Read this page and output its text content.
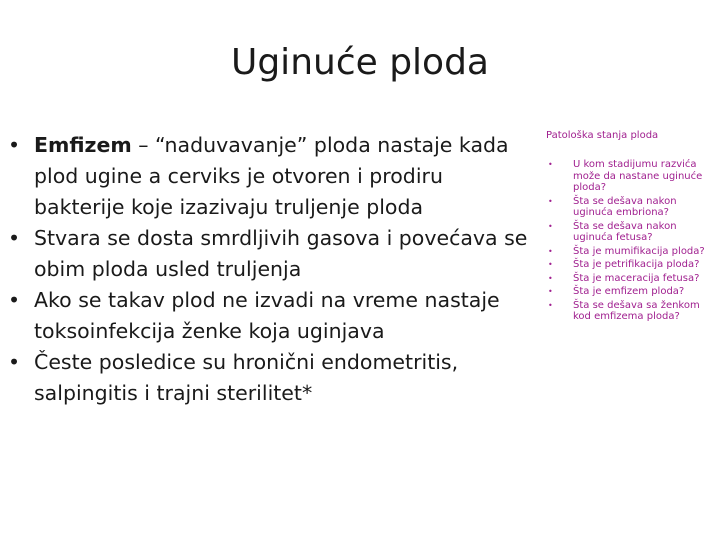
Uginuće ploda
• Emfizem – “naduvavanje” ploda nastaje kada plod ugine a cerviks je otvoren i prodiru bakterije koje izazivaju truljenje ploda
• Stvara se dosta smrdljivih gasova i povećava se obim ploda usled truljenja
• Ako se takav plod ne izvadi na vreme nastaje toksoinfekcija ženke koja uginjava
• Česte posledice su hronični endometritis, salpingitis i trajni sterilitet*
Patološka stanja ploda
• U kom stadijumu razvića može da nastane uginuće ploda?
• Šta se dešava nakon uginuća embriona?
• Šta se dešava nakon uginuća fetusa?
• Šta je mumifikacija ploda?
• Šta je petrifikacija ploda?
• Šta je maceracija fetusa?
• Šta je emfizem ploda?
• Šta se dešava sa ženkom kod emfizema ploda?
